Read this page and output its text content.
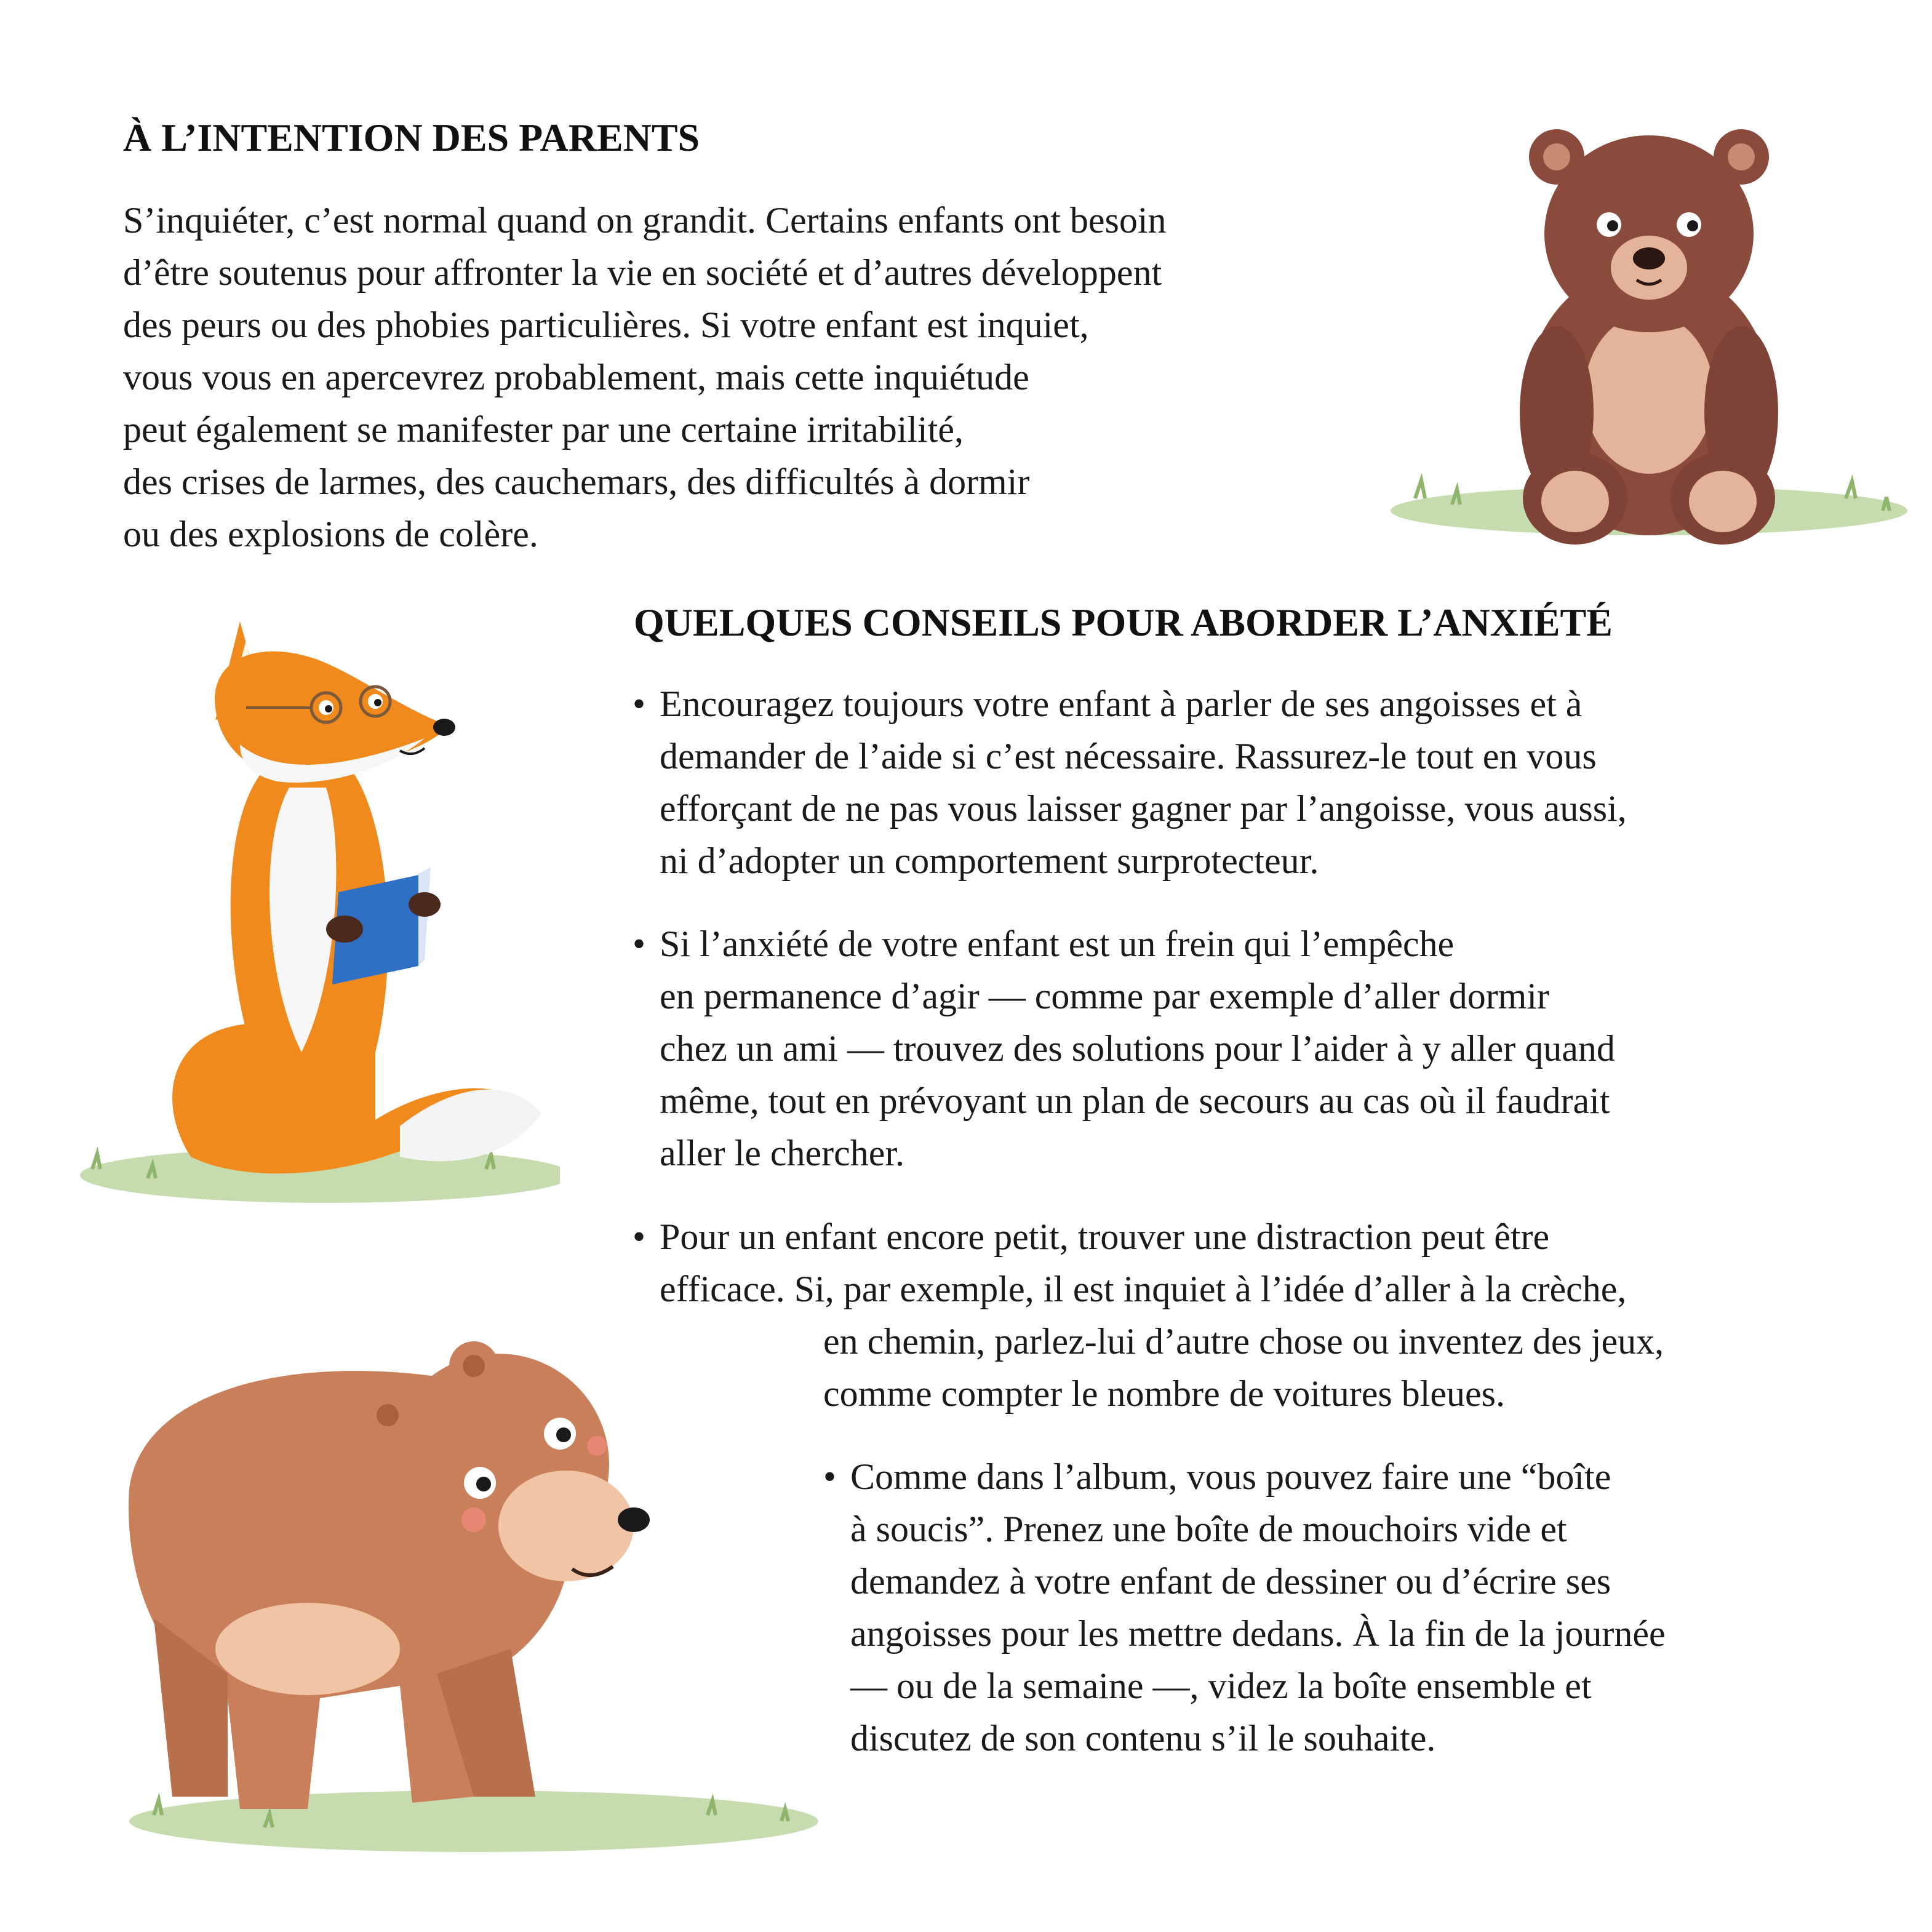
À L’INTENTION DES PARENTS
S’inquiéter, c’est normal quand on grandit. Certains enfants ont besoin
d’être soutenus pour affronter la vie en société et d’autres développent
des peurs ou des phobies particulières. Si votre enfant est inquiet,
vous vous en apercevrez probablement, mais cette inquiétude
peut également se manifester par une certaine irritabilité,
des crises de larmes, des cauchemars, des difficultés à dormir
ou des explosions de colère.
QUELQUES CONSEILS POUR ABORDER L’ANXIÉTÉ
• Encouragez toujours votre enfant à parler de ses angoisses et à
demander de l’aide si c’est nécessaire. Rassurez-le tout en vous
efforçant de ne pas vous laisser gagner par l’angoisse, vous aussi,
ni d’adopter un comportement surprotecteur.
• Si l’anxiété de votre enfant est un frein qui l’empêche
en permanence d’agir — comme par exemple d’aller dormir
chez un ami — trouvez des solutions pour l’aider à y aller quand
même, tout en prévoyant un plan de secours au cas où il faudrait
aller le chercher.
• Pour un enfant encore petit, trouver une distraction peut être
efficace. Si, par exemple, il est inquiet à l’idée d’aller à la crèche,
en chemin, parlez-lui d’autre chose ou inventez des jeux,
comme compter le nombre de voitures bleues.
• Comme dans l’album, vous pouvez faire une “boîte
à soucis”. Prenez une boîte de mouchoirs vide et
demandez à votre enfant de dessiner ou d’écrire ses
angoisses pour les mettre dedans. À la fin de la journée
— ou de la semaine —, videz la boîte ensemble et
discutez de son contenu s’il le souhaite.
